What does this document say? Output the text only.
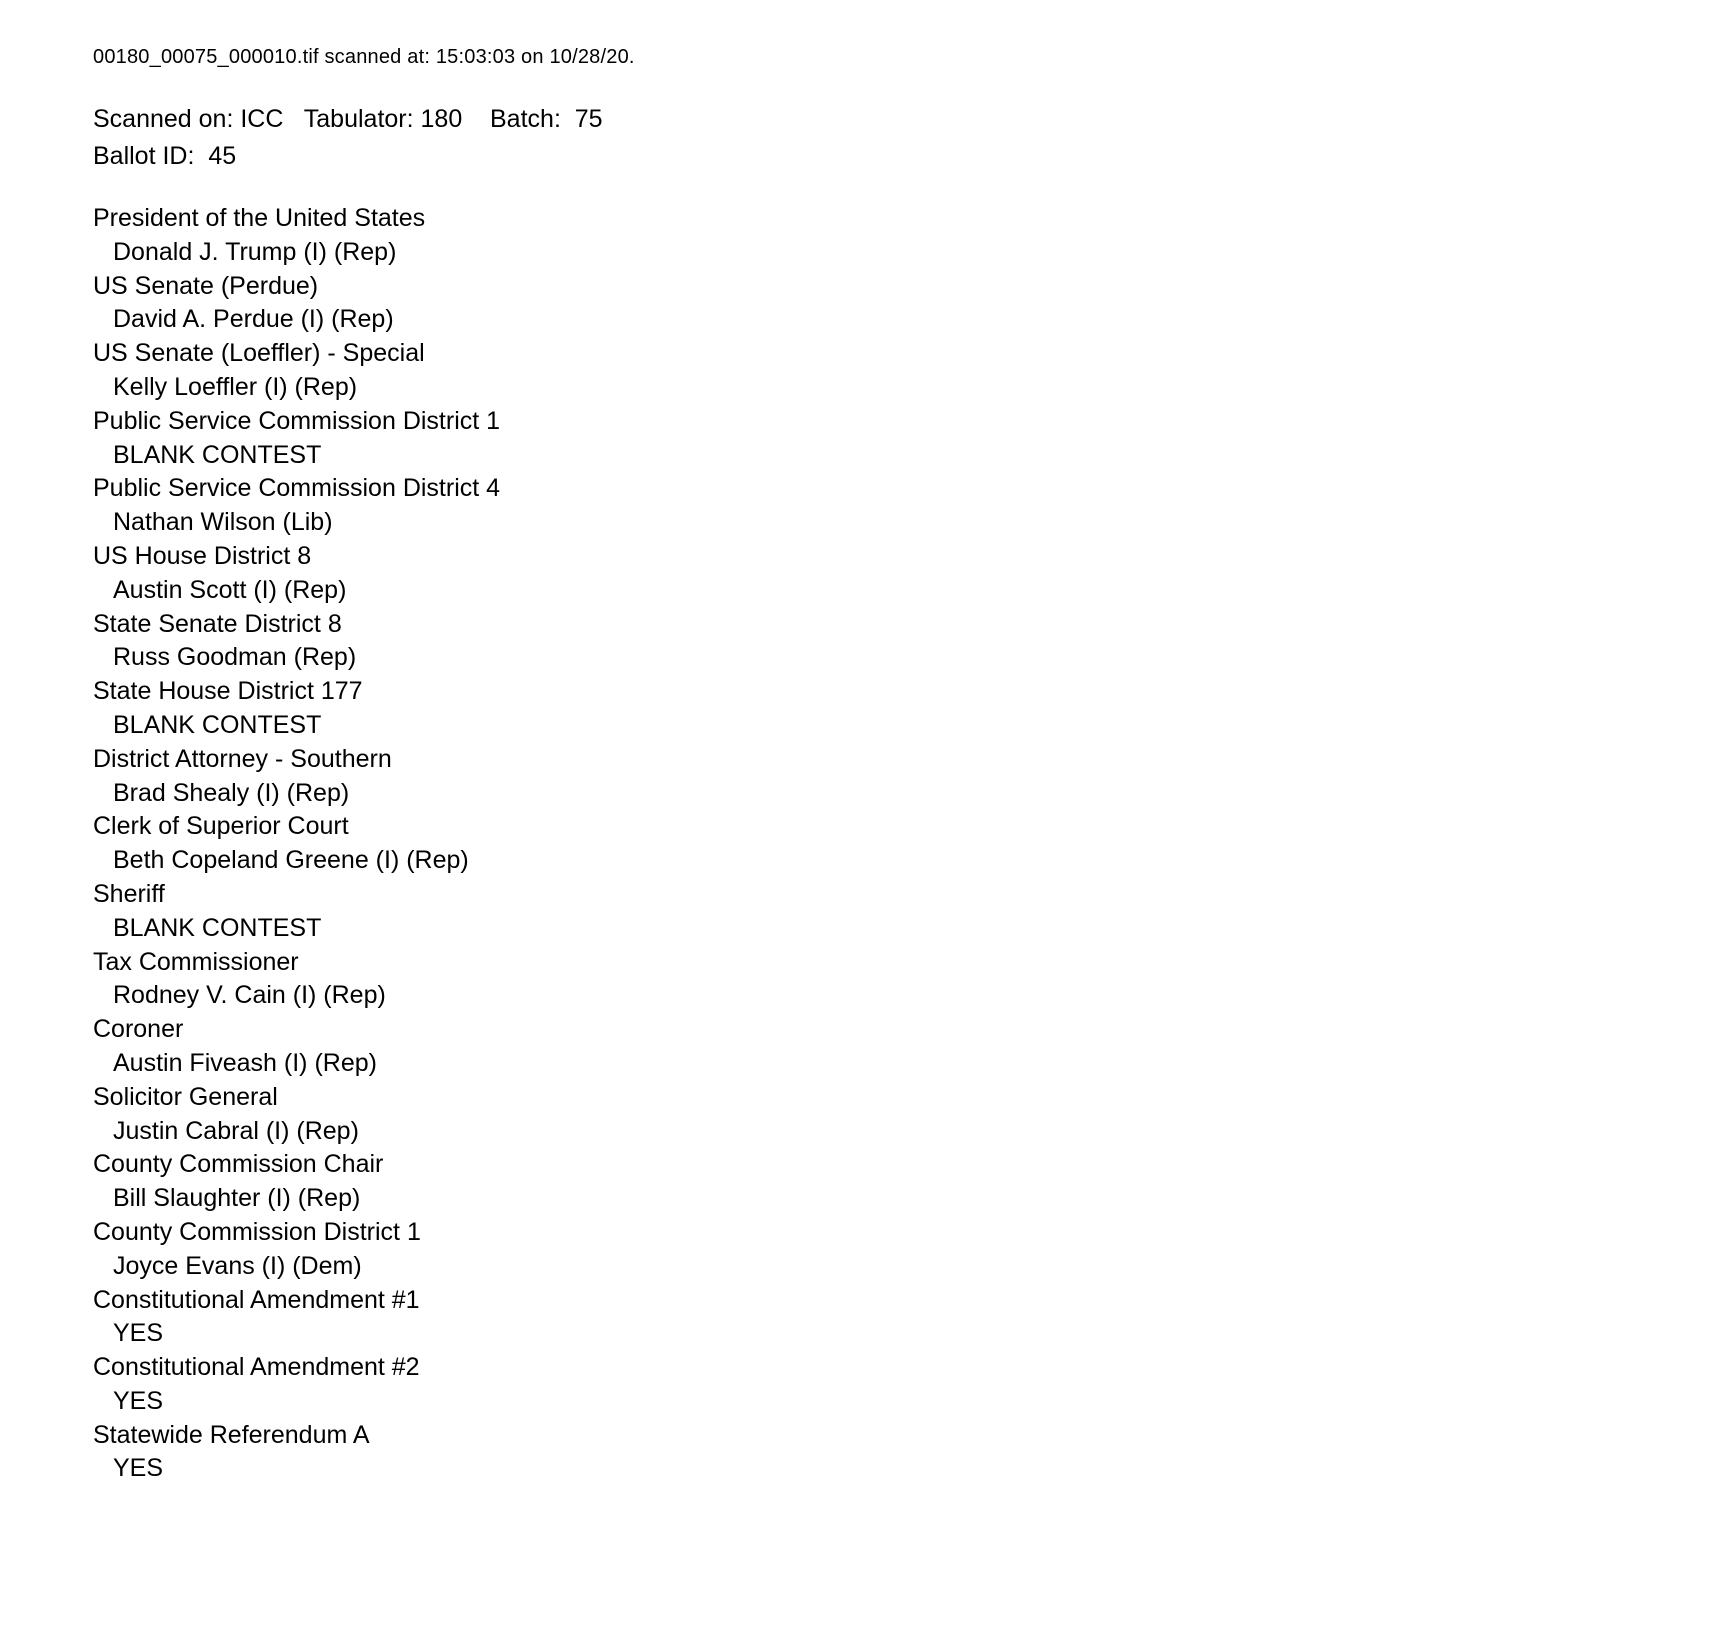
00180_00075_000010.tif scanned at: 15:03:03 on 10/28/20.
Scanned on: ICC   Tabulator: 180    Batch:  75
Ballot ID:  45
President of the United States
Donald J. Trump (I) (Rep)
US Senate (Perdue)
David A. Perdue (I) (Rep)
US Senate (Loeffler) - Special
Kelly Loeffler (I) (Rep)
Public Service Commission District 1
BLANK CONTEST
Public Service Commission District 4
Nathan Wilson (Lib)
US House District 8
Austin Scott (I) (Rep)
State Senate District 8
Russ Goodman (Rep)
State House District 177
BLANK CONTEST
District Attorney - Southern
Brad Shealy (I) (Rep)
Clerk of Superior Court
Beth Copeland Greene (I) (Rep)
Sheriff
BLANK CONTEST
Tax Commissioner
Rodney V. Cain (I) (Rep)
Coroner
Austin Fiveash (I) (Rep)
Solicitor General
Justin Cabral (I) (Rep)
County Commission Chair
Bill Slaughter (I) (Rep)
County Commission District 1
Joyce Evans (I) (Dem)
Constitutional Amendment #1
YES
Constitutional Amendment #2
YES
Statewide Referendum A
YES
